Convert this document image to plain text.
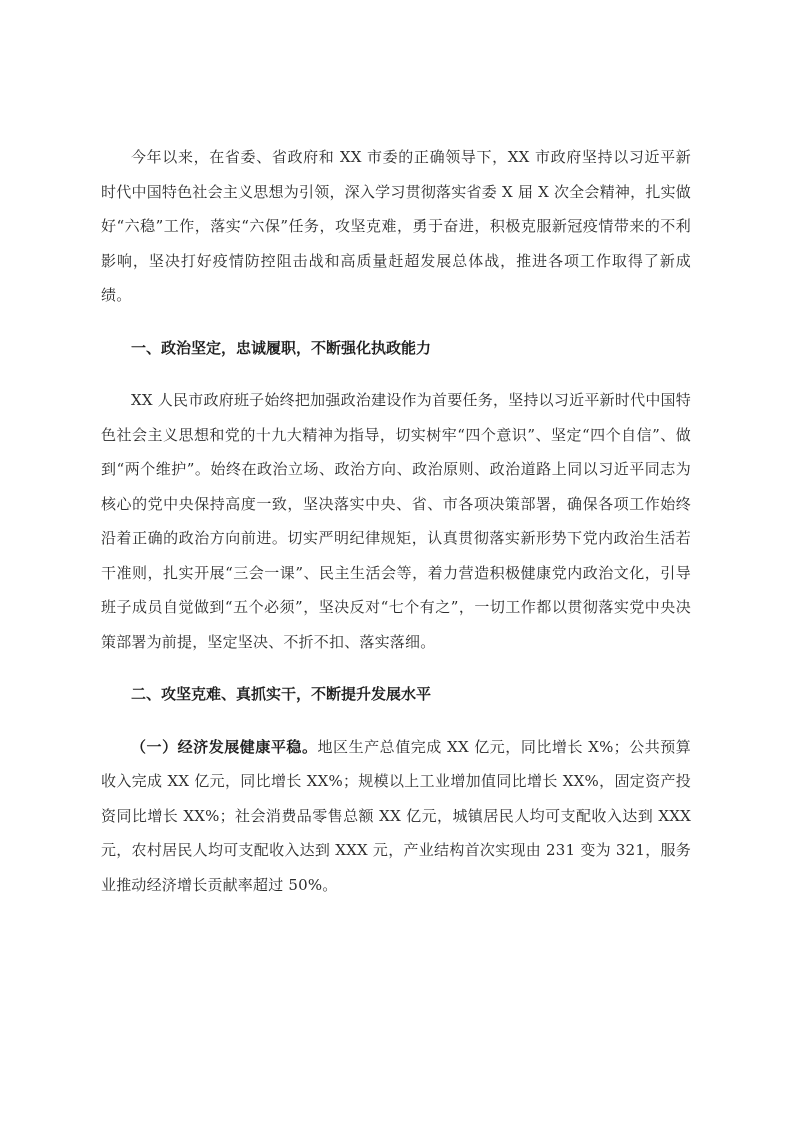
今年以来，在省委、省政府和 XX 市委的正确领导下，XX 市政府坚持以习近平新时代中国特色社会主义思想为引领，深入学习贯彻落实省委 X 届 X 次全会精神，扎实做好“六稳”工作，落实“六保”任务，攻坚克难，勇于奋进，积极克服新冠疫情带来的不利影响，坚决打好疫情防控阻击战和高质量赶超发展总体战，推进各项工作取得了新成绩。

一、政治坚定，忠诚履职，不断强化执政能力

XX 人民市政府班子始终把加强政治建设作为首要任务，坚持以习近平新时代中国特色社会主义思想和党的十九大精神为指导，切实树牢“四个意识”、坚定“四个自信”、做到“两个维护”。始终在政治立场、政治方向、政治原则、政治道路上同以习近平同志为核心的党中央保持高度一致，坚决落实中央、省、市各项决策部署，确保各项工作始终沿着正确的政治方向前进。切实严明纪律规矩，认真贯彻落实新形势下党内政治生活若干准则，扎实开展“三会一课”、民主生活会等，着力营造积极健康党内政治文化，引导班子成员自觉做到“五个必须”，坚决反对“七个有之”，一切工作都以贯彻落实党中央决策部署为前提，坚定坚决、不折不扣、落实落细。

二、攻坚克难、真抓实干，不断提升发展水平

（一）经济发展健康平稳。地区生产总值完成 XX 亿元，同比增长 X%；公共预算收入完成 XX 亿元，同比增长 XX%；规模以上工业增加值同比增长 XX%，固定资产投资同比增长 XX%；社会消费品零售总额 XX 亿元，城镇居民人均可支配收入达到 XXX 元，农村居民人均可支配收入达到 XXX 元，产业结构首次实现由 231 变为 321，服务业推动经济增长贡献率超过 50%。
